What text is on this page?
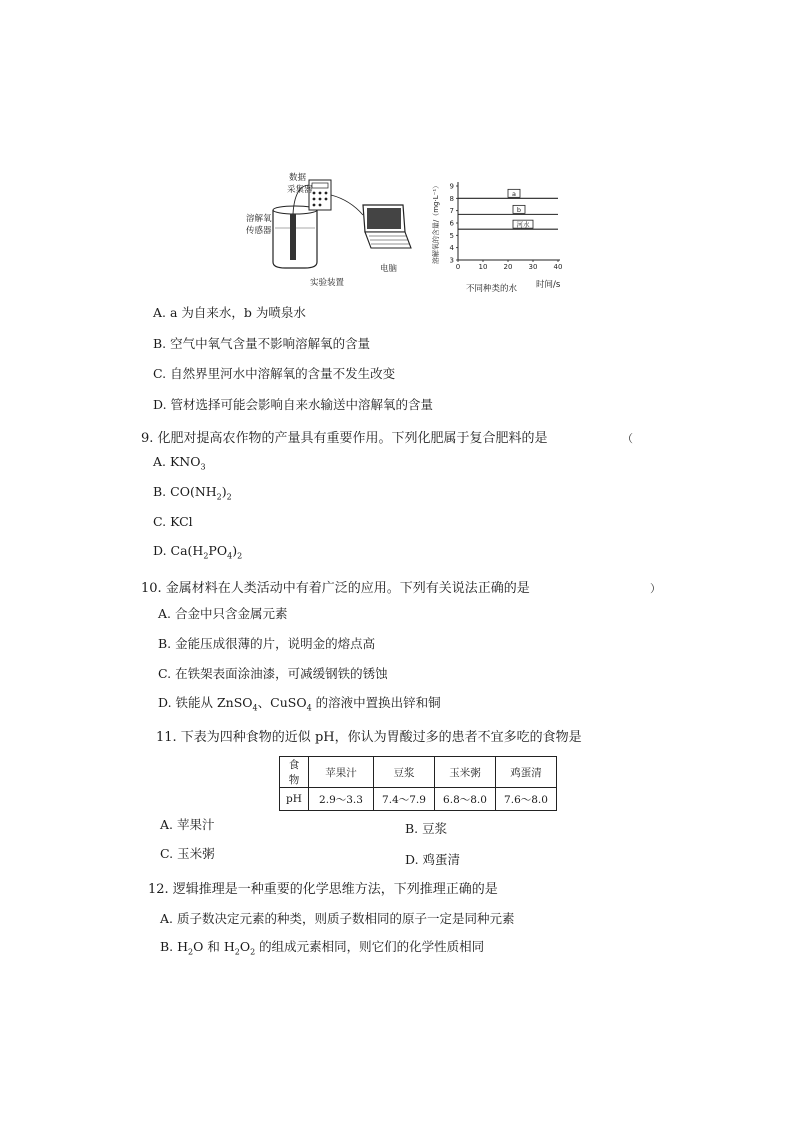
数据
采集器
溶解氧
传感器
电脑
实验装置
3
4
5
6
7
8
9
0	10 20 30 40
溶解氧的含量/（mg·L⁻¹）	a
b
河水
时间/s
不同种类的水
A. a 为自来水，b 为喷泉水
B. 空气中氧气含量不影响溶解氧的含量
C. 自然界里河水中溶解氧的含量不发生改变
D. 管材选择可能会影响自来水输送中溶解氧的含量
9. 化肥对提高农作物的产量具有重要作用。下列化肥属于复合肥料的是	（
A. $KNO_3$
B. $CO(NH_2)_2$
C. KCl
D. $Ca(H_2PO_4)_2$
10. 金属材料在人类活动中有着广泛的应用。下列有关说法正确的是	）
A. 合金中只含金属元素
B. 金能压成很薄的片，说明金的熔点高
C. 在铁架表面涂油漆，可减缓钢铁的锈蚀
D. 铁能从 ZnSO$_4$、CuSO$_4$ 的溶液中置换出锌和铜
11. 下表为四种食物的近似 pH，你认为胃酸过多的患者不宜多吃的食物是
食物	苹果汁	豆浆	玉米粥	鸡蛋清
pH	2.9～3.3	7.4～7.9	6.8～8.0	7.6～8.0
A. 苹果汁	B. 豆浆
C. 玉米粥	D. 鸡蛋清
12. 逻辑推理是一种重要的化学思维方法，下列推理正确的是
A. 质子数决定元素的种类，则质子数相同的原子一定是同种元素
B. $H_2O$ 和 $H_2O_2$ 的组成元素相同，则它们的化学性质相同
